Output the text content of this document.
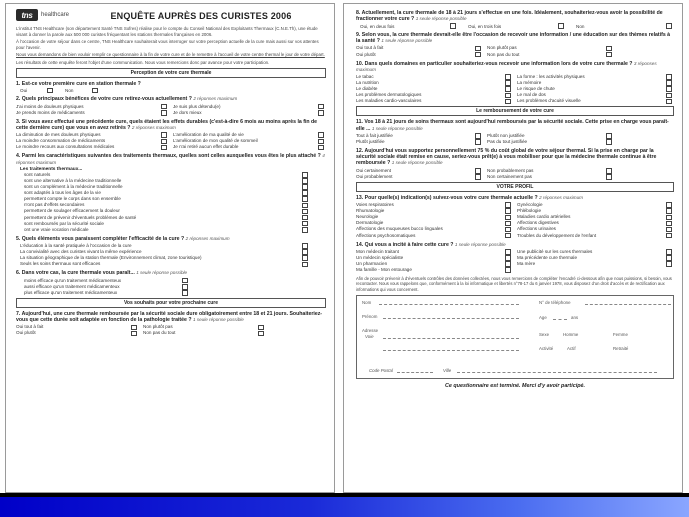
tns healthcare	ENQUÊTE AUPRÈS DES CURISTES 2006

L'institut TNS Healthcare (son département Santé TNS Sofres) réalise pour le compte du Conseil National des Exploitants Thermaux (C.N.E.Th), une étude visant à donner la parole aux 500 000 curistes fréquentant les stations thermales françaises en 2006.

À l'occasion de votre séjour dans ce centre, TNS Healthcare souhaiterait vous interroger sur votre perception actuelle de la cure mais aussi sur vos attentes pour l'avenir.

Nous vous demandons de bien vouloir remplir ce questionnaire à la fin de votre cure et de le remettre à l'accueil de votre centre thermal le jour de votre départ.

Les résultats de cette enquête feront l'objet d'une communication. Nous vous remercions donc par avance pour votre participation.

Perception de votre cure thermale
1. Est-ce votre première cure en station thermale ?
Oui	Non
2. Quels principaux bénéfices de votre cure retirez-vous actuellement ? 2 réponses maximum
J'ai moins de douleurs physiques	Je suis plus détendu(e)
Je prends moins de médicaments	Je dors mieux
3. Si vous avez effectué une précédente cure, quels étaient les effets durables (c'est-à-dire 6 mois au moins après la fin de cette dernière cure) que vous en avez retirés ? 2 réponses maximum
La diminution de mes douleurs physiques	L'amélioration de ma qualité de vie
La moindre consommation de médicaments	L'amélioration de mon qualité de sommeil
Le moindre recours aux consultations médicales	Je n'ai retiré aucun effet durable
4. Parmi les caractéristiques suivantes des traitements thermaux, quelles sont celles auxquelles vous êtes le plus attaché ? 4 réponses maximum
Les traitements thermaux...
sont naturels
sont une alternative à la médecine traditionnelle
sont un complément à la médecine traditionnelle
sont adaptés à tous les âges de la vie
permettent compte le corps dans son ensemble
n'ont pas d'effets secondaires
permettent de soulager efficacement la douleur
permettent de prévenir d'éventuels problèmes de santé
sont remboursés par la sécurité sociale
ont une vraie vocation médicale
5. Quels éléments vous paraissent compléter l'efficacité de la cure ? 2 réponses maximum
L'éducation à la santé pratiquée à l'occasion de la cure
La convivialité avec des curistes vivant la même expérience
La situation géographique de la station thermale (Environnement climat, zone touristique)
Seuls les soins thermaux sont efficaces
6. Dans votre cas, la cure thermale vous paraît... 1 seule réponse possible
moins efficace qu'un traitement médicamenteux
aussi efficace qu'un traitement médicamenteux
plus efficace qu'un traitement médicamenteux
Vos souhaits pour votre prochaine cure
7. Aujourd'hui, une cure thermale remboursée par la sécurité sociale dure obligatoirement entre 18 et 21 jours. Souhaiteriez-vous que cette durée soit adaptée en fonction de la pathologie traitée ? 1 seule réponse possible
Oui tout à fait	Non plutôt pas
Oui plutôt	Non pas du tout
8. Actuellement, la cure thermale de 18 à 21 jours s'effectue en une fois. Idéalement, souhaiteriez-vous avoir la possibilité de fractionner votre cure ? 1 seule réponse possible
Oui, en deux fois	Oui, en trois fois	Non
9. Selon vous, la cure thermale devrait-elle être l'occasion de recevoir une information / une éducation sur des thèmes relatifs à la santé ? 1 seule réponse possible
Oui tout à fait	Non plutôt pas
Oui plutôt	Non pas du tout
10. Dans quels domaines en particulier souhaiteriez-vous recevoir une information lors de votre cure thermale ? 3 réponses maximum
Le tabac	La forme : les activités physiques
La nutrition	La mémoire
Le diabète	Le risque de chute
Les problèmes dermatologiques	Le mal de dos
Les maladies cardio-vasculaires	Les problèmes d'acuité visuelle
Le remboursement de votre cure
11. Vos 18 à 21 jours de soins thermaux sont aujourd'hui remboursés par la sécurité sociale. Cette prise en charge vous paraît-elle ... 1 seule réponse possible
Tout à fait justifiée	Plutôt non justifiée
Plutôt justifiée	Pas du tout justifiée
12. Aujourd'hui vous supportez personnellement 75 % du coût global de votre séjour thermal. Si la prise en charge par la sécurité sociale était remise en cause, seriez-vous prêt(e) à vous mobiliser pour que la médecine thermale continue à être remboursée ? 1 seule réponse possible
Oui certainement	Non probablement pas
Oui probablement	Non certainement pas
VOTRE PROFIL
13. Pour quelle(s) indication(s) suivez-vous votre cure thermale actuelle ? 2 réponses maximum
Voies respiratoires	Gynécologie
Rhumatologie	Phlébologie
Neurologie	Maladies cardio artérielles
Dermatologie	Affections digestives
Affections des muqueuses bucco linguales	Affections urinaires
Affections psychosomatiques	Troubles du développement de l'enfant
14. Qui vous a incité à faire cette cure ? 1 seule réponse possible
Mon médecin traitant	Une publicité sur les cures thermales
Un médecin spécialiste	Ma précédente cure thermale
Un pharmacien	Ma mère
Ma famille - Mon entourage
Afin de pouvoir prévenir à d'éventuels contrôles des données collectées, nous vous remercions de compléter l'encadré ci-dessous afin que nous puissions, si besoin, vous recontacter. Nous vous rappelons que, conformément à la loi informatique et libertés n°78-17 du 6 janvier 1978, vous disposez d'un droit d'accès et de rectification aux informations qui vous concernent.
Nom	N° de téléphone
Prénom	Age	ans
Adresse
Voie	Sexe	Homme	Femme
Activité	Actif	Retraité
Code Postal	Ville
Ce questionnaire est terminé. Merci d'y avoir participé.
